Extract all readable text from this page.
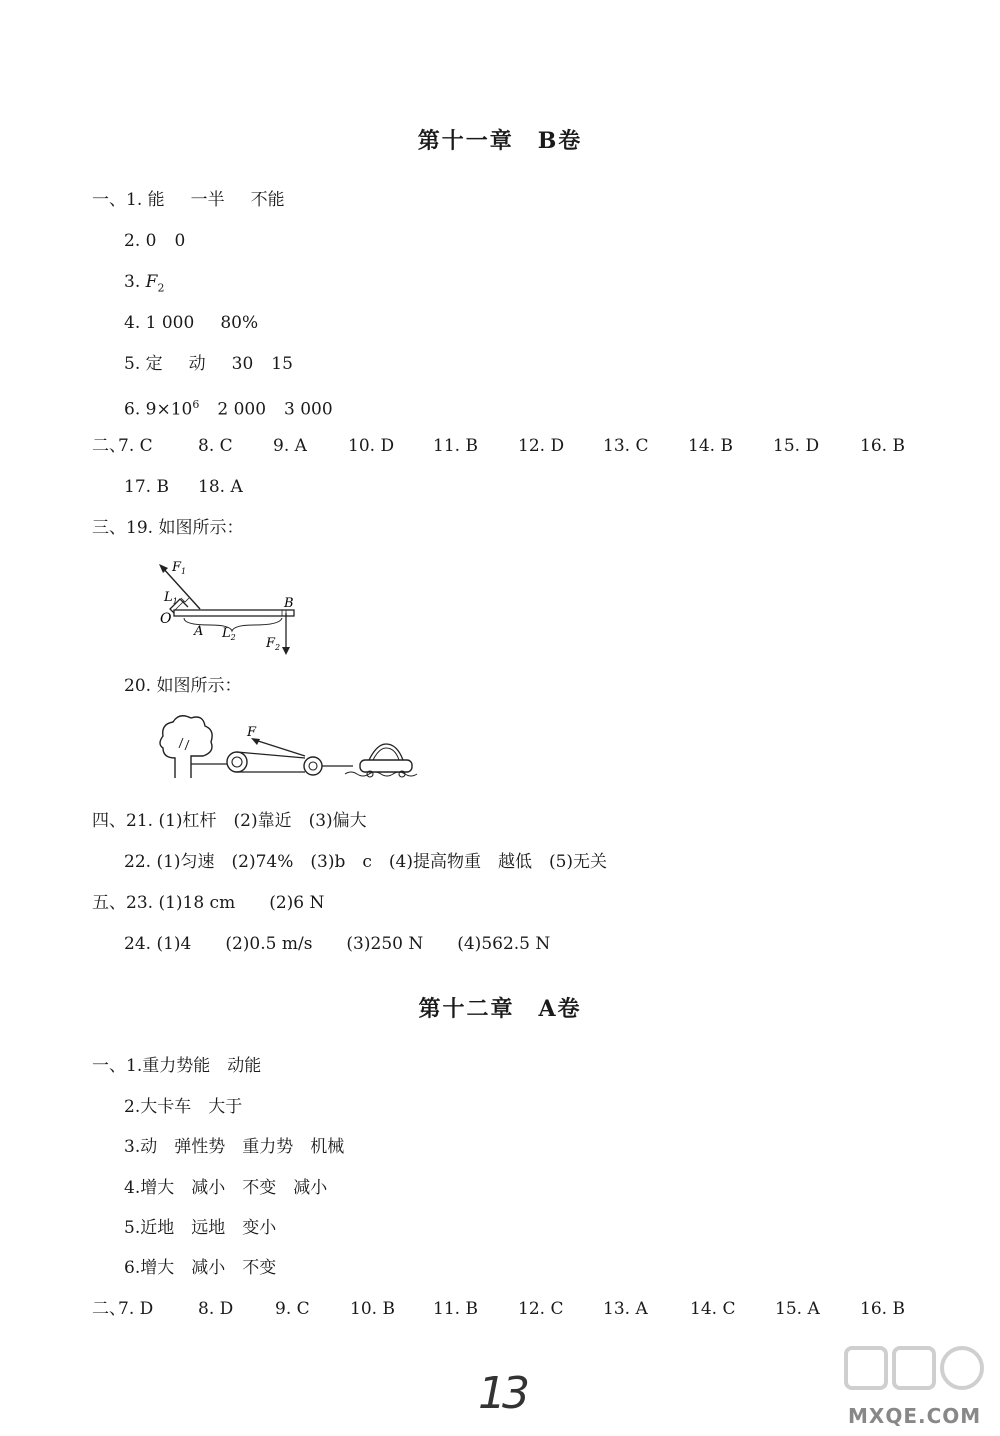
第十一章　B卷
一、1. 能 一半 不能
2. 0 0
3. $F_2$
4. 1 000 80%
5. 定 动 30 15
6. $9\times 10^6$ 2 000 3 000
二、
7. C	8. C 9. A 10. D 11. B 12. D 13. C 14. B 15. D 16. B
17. B 18. A
三、19. 如图所示：
$F_1$
$L_1$
O
A $L_2$
B
$F_2$
20. 如图所示：
F
四、21. (1)杠杆　(2)靠近　(3)偏大
22. (1)匀速　(2)74%　(3)b　c　(4)提高物重　越低　(5)无关
五、23. (1)18 cm　　(2)6 N
24. (1)4　　(2)0.5 m/s　　(3)250 N　　(4)562.5 N
第十二章　A卷
一、1.重力势能　动能
2.大卡车　大于
3.动　弹性势　重力势　机械
4.增大　减小　不变　减小
5.近地　远地　变小
6.增大　减小　不变
二、
7. D	8. D 9. C 10. B 11. B 12. C 13. A 14. C 15. A 16. B
13	MXQE.COM
